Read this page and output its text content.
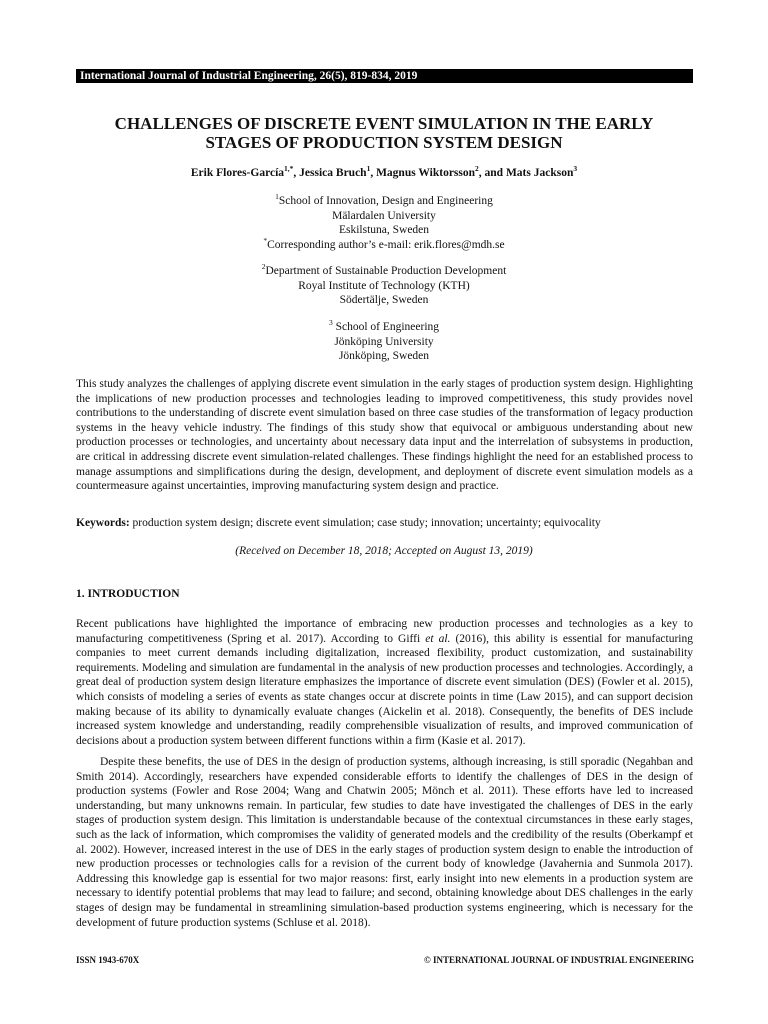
International Journal of Industrial Engineering, 26(5), 819-834, 2019
CHALLENGES OF DISCRETE EVENT SIMULATION IN THE EARLY
STAGES OF PRODUCTION SYSTEM DESIGN
Erik Flores-García$^{1,*}$, Jessica Bruch$^1$, Magnus Wiktorsson$^2$, and Mats Jackson$^3$
$^1$School of Innovation, Design and Engineering
Mälardalen University
Eskilstuna, Sweden
*Corresponding author’s e-mail: erik.flores@mdh.se
$^2$Department of Sustainable Production Development
Royal Institute of Technology (KTH)
Södertälje, Sweden
$^3$ School of Engineering
Jönköping University
Jönköping, Sweden

This study analyzes the challenges of applying discrete event simulation in the early stages of production system design. Highlighting the implications of new production processes and technologies leading to improved competitiveness, this study provides novel contributions to the understanding of discrete event simulation based on three case studies of the transformation of legacy production systems in the heavy vehicle industry. The findings of this study show that equivocal or ambiguous understanding about new production processes or technologies, and uncertainty about necessary data input and the interrelation of subsystems in production, are critical in addressing discrete event simulation-related challenges. These findings highlight the need for an established process to manage assumptions and simplifications during the design, development, and deployment of discrete event simulation models as a countermeasure against uncertainties, improving manufacturing system design and practice.

Keywords: production system design; discrete event simulation; case study; innovation; uncertainty; equivocality
(Received on December 18, 2018; Accepted on August 13, 2019)
1. INTRODUCTION

Recent publications have highlighted the importance of embracing new production processes and technologies as a key to manufacturing competitiveness (Spring et al. 2017). According to Giffi et al. (2016), this ability is essential for manufacturing companies to meet current demands including digitalization, increased flexibility, product customization, and sustainability requirements. Modeling and simulation are fundamental in the analysis of new production processes and technologies. Accordingly, a great deal of production system design literature emphasizes the importance of discrete event simulation (DES) (Fowler et al. 2015), which consists of modeling a series of events as state changes occur at discrete points in time (Law 2015), and can support decision making because of its ability to dynamically evaluate changes (Aickelin et al. 2018). Consequently, the benefits of DES include increased system knowledge and understanding, readily comprehensible visualization of results, and improved communication of decisions about a production system between different functions within a firm (Kasie et al. 2017).

Despite these benefits, the use of DES in the design of production systems, although increasing, is still sporadic (Negahban and Smith 2014). Accordingly, researchers have expended considerable efforts to identify the challenges of DES in the design of production systems (Fowler and Rose 2004; Wang and Chatwin 2005; Mönch et al. 2011). These efforts have led to increased understanding, but many unknowns remain. In particular, few studies to date have investigated the challenges of DES in the early stages of production system design. This limitation is understandable because of the contextual circumstances in these early stages, such as the lack of information, which compromises the validity of generated models and the credibility of the results (Oberkampf et al. 2002). However, increased interest in the use of DES in the early stages of production system design to enable the introduction of new production processes or technologies calls for a revision of the current body of knowledge (Javahernia and Sunmola 2017). Addressing this knowledge gap is essential for two major reasons: first, early insight into new elements in a production system are necessary to identify potential problems that may lead to failure; and second, obtaining knowledge about DES challenges in the early stages of design may be fundamental in streamlining simulation-based production systems engineering, which is necessary for the development of future production systems (Schluse et al. 2018).

ISSN 1943-670X	© INTERNATIONAL JOURNAL OF INDUSTRIAL ENGINEERING
